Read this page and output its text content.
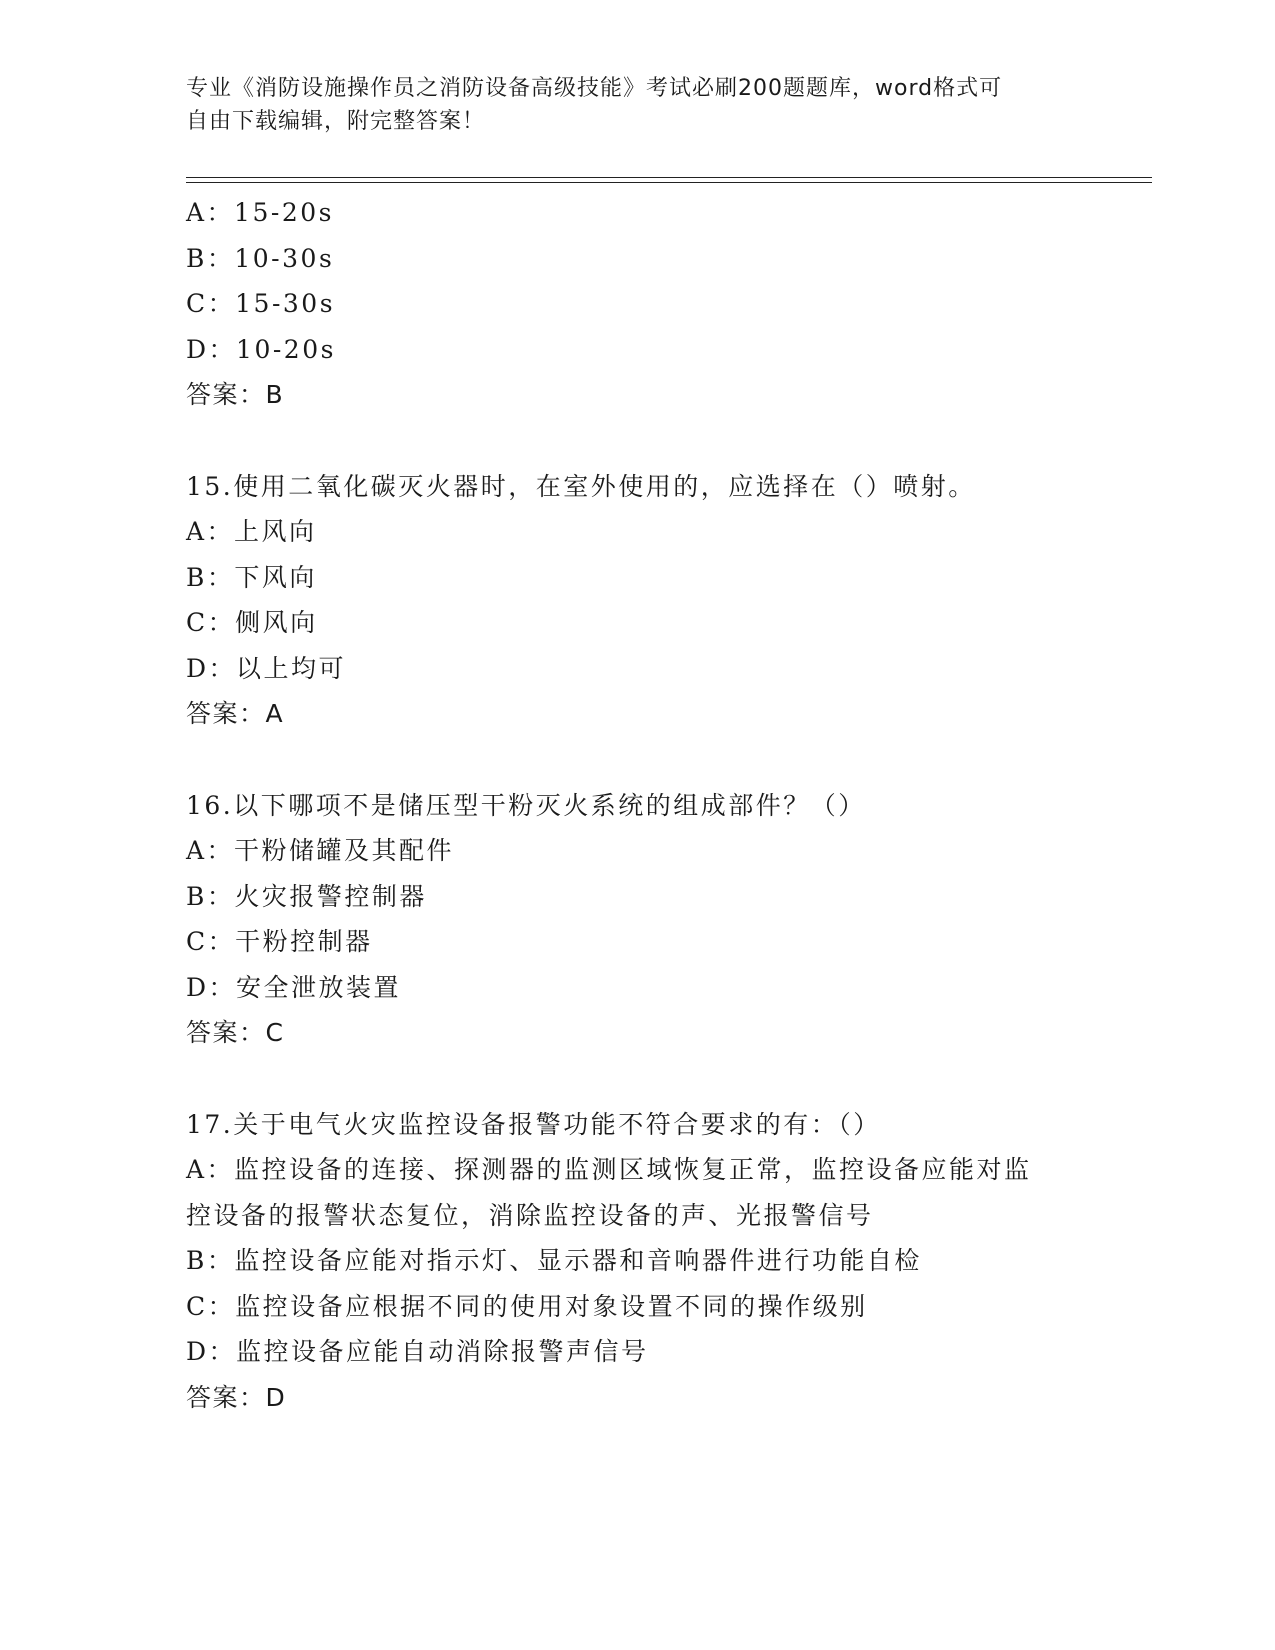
专业《消防设施操作员之消防设备高级技能》考试必刷200题题库，word格式可
自由下载编辑，附完整答案！
A：15-20s
B：10-30s
C：15-30s
D：10-20s
答案：B
15.使用二氧化碳灭火器时，在室外使用的，应选择在（）喷射。
A：上风向
B：下风向
C：侧风向
D：以上均可
答案：A
16.以下哪项不是储压型干粉灭火系统的组成部件？（）
A：干粉储罐及其配件
B：火灾报警控制器
C：干粉控制器
D：安全泄放装置
答案：C
17.关于电气火灾监控设备报警功能不符合要求的有：（）
A：监控设备的连接、探测器的监测区域恢复正常，监控设备应能对监
控设备的报警状态复位，消除监控设备的声、光报警信号
B：监控设备应能对指示灯、显示器和音响器件进行功能自检
C：监控设备应根据不同的使用对象设置不同的操作级别
D：监控设备应能自动消除报警声信号
答案：D
